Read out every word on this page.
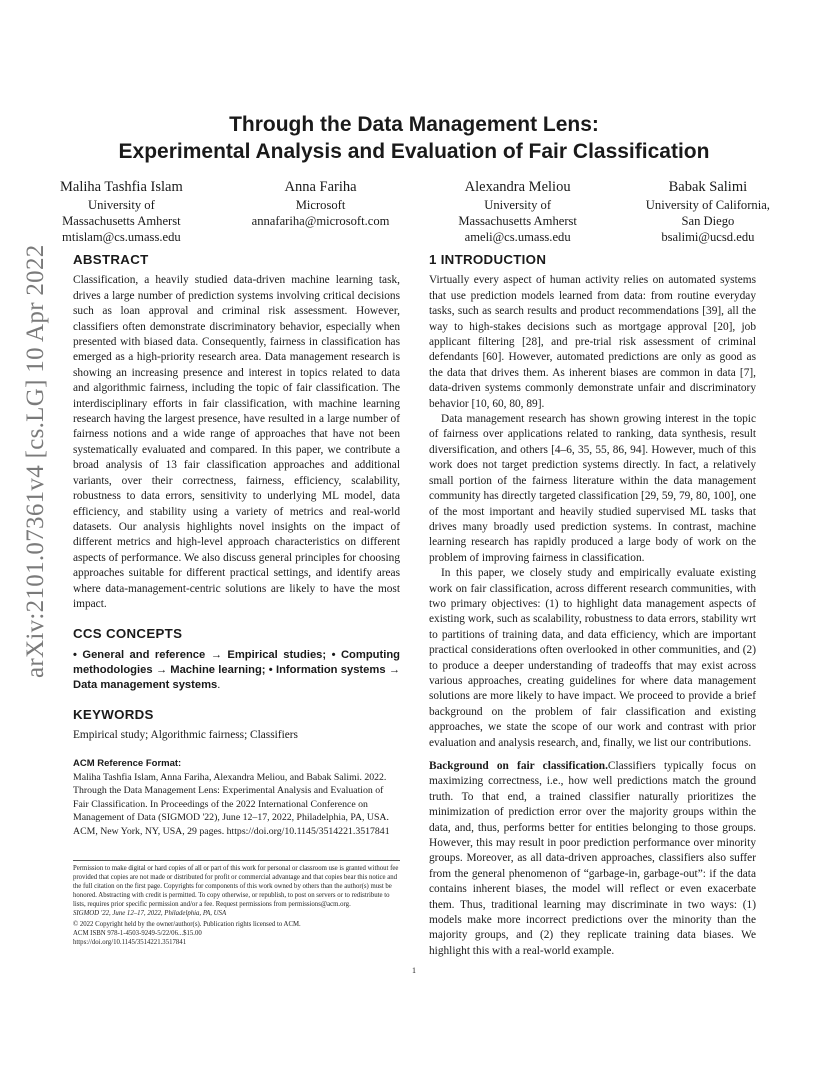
arXiv:2101.07361v4 [cs.LG] 10 Apr 2022
Through the Data Management Lens:
Experimental Analysis and Evaluation of Fair Classification
Maliha Tashfia Islam
University of
Massachusetts Amherst
mtislam@cs.umass.edu
Anna Fariha
Microsoft
annafariha@microsoft.com
Alexandra Meliou
University of
Massachusetts Amherst
ameli@cs.umass.edu
Babak Salimi
University of California,
San Diego
bsalimi@ucsd.edu
ABSTRACT

Classification, a heavily studied data-driven machine learning task, drives a large number of prediction systems involving critical decisions such as loan approval and criminal risk assessment. However, classifiers often demonstrate discriminatory behavior, especially when presented with biased data. Consequently, fairness in classification has emerged as a high-priority research area. Data management research is showing an increasing presence and interest in topics related to data and algorithmic fairness, including the topic of fair classification. The interdisciplinary efforts in fair classification, with machine learning research having the largest presence, have resulted in a large number of fairness notions and a wide range of approaches that have not been systematically evaluated and compared. In this paper, we contribute a broad analysis of 13 fair classification approaches and additional variants, over their correctness, fairness, efficiency, scalability, robustness to data errors, sensitivity to underlying ML model, data efficiency, and stability using a variety of metrics and real-world datasets. Our analysis highlights novel insights on the impact of different metrics and high-level approach characteristics on different aspects of performance. We also discuss general principles for choosing approaches suitable for different practical settings, and identify areas where data-management-centric solutions are likely to have the most impact.

CCS CONCEPTS

• General and reference → Empirical studies; • Computing methodologies → Machine learning; • Information systems → Data management systems.

KEYWORDS

Empirical study; Algorithmic fairness; Classifiers

ACM Reference Format:

Maliha Tashfia Islam, Anna Fariha, Alexandra Meliou, and Babak Salimi. 2022. Through the Data Management Lens: Experimental Analysis and Evaluation of Fair Classification. In Proceedings of the 2022 International Conference on Management of Data (SIGMOD '22), June 12–17, 2022, Philadelphia, PA, USA. ACM, New York, NY, USA, 29 pages. https://doi.org/10.1145/3514221.3517841

Permission to make digital or hard copies of all or part of this work for personal or classroom use is granted without fee provided that copies are not made or distributed for profit or commercial advantage and that copies bear this notice and the full citation on the first page. Copyrights for components of this work owned by others than the author(s) must be honored. Abstracting with credit is permitted. To copy otherwise, or republish, to post on servers or to redistribute to lists, requires prior specific permission and/or a fee. Request permissions from permissions@acm.org.

SIGMOD '22, June 12–17, 2022, Philadelphia, PA, USA

© 2022 Copyright held by the owner/author(s). Publication rights licensed to ACM.

ACM ISBN 978-1-4503-9249-5/22/06...$15.00

https://doi.org/10.1145/3514221.3517841

1 INTRODUCTION

Virtually every aspect of human activity relies on automated systems that use prediction models learned from data: from routine everyday tasks, such as search results and product recommendations [39], all the way to high-stakes decisions such as mortgage approval [20], job applicant filtering [28], and pre-trial risk assessment of criminal defendants [60]. However, automated predictions are only as good as the data that drives them. As inherent biases are common in data [7], data-driven systems commonly demonstrate unfair and discriminatory behavior [10, 60, 80, 89].

Data management research has shown growing interest in the topic of fairness over applications related to ranking, data synthesis, result diversification, and others [4–6, 35, 55, 86, 94]. However, much of this work does not target prediction systems directly. In fact, a relatively small portion of the fairness literature within the data management community has directly targeted classification [29, 59, 79, 80, 100], one of the most important and heavily studied supervised ML tasks that drives many broadly used prediction systems. In contrast, machine learning research has rapidly produced a large body of work on the problem of improving fairness in classification.

In this paper, we closely study and empirically evaluate existing work on fair classification, across different research communities, with two primary objectives: (1) to highlight data management aspects of existing work, such as scalability, robustness to data errors, stability wrt to partitions of training data, and data efficiency, which are important practical considerations often overlooked in other communities, and (2) to produce a deeper understanding of tradeoffs that may exist across various approaches, creating guidelines for where data management solutions are more likely to have impact. We proceed to provide a brief background on the problem of fair classification and existing approaches, we state the scope of our work and contrast with prior evaluation and analysis research, and, finally, we list our contributions.

Background on fair classification.Classifiers typically focus on maximizing correctness, i.e., how well predictions match the ground truth. To that end, a trained classifier naturally prioritizes the minimization of prediction error over the majority groups within the data, and, thus, performs better for entities belonging to those groups. However, this may result in poor prediction performance over minority groups. Moreover, as all data-driven approaches, classifiers also suffer from the general phenomenon of “garbage-in, garbage-out”: if the data contains inherent biases, the model will reflect or even exacerbate them. Thus, traditional learning may discriminate in two ways: (1) models make more incorrect predictions over the minority than the majority groups, and (2) they replicate training data biases. We highlight this with a real-world example.

1
